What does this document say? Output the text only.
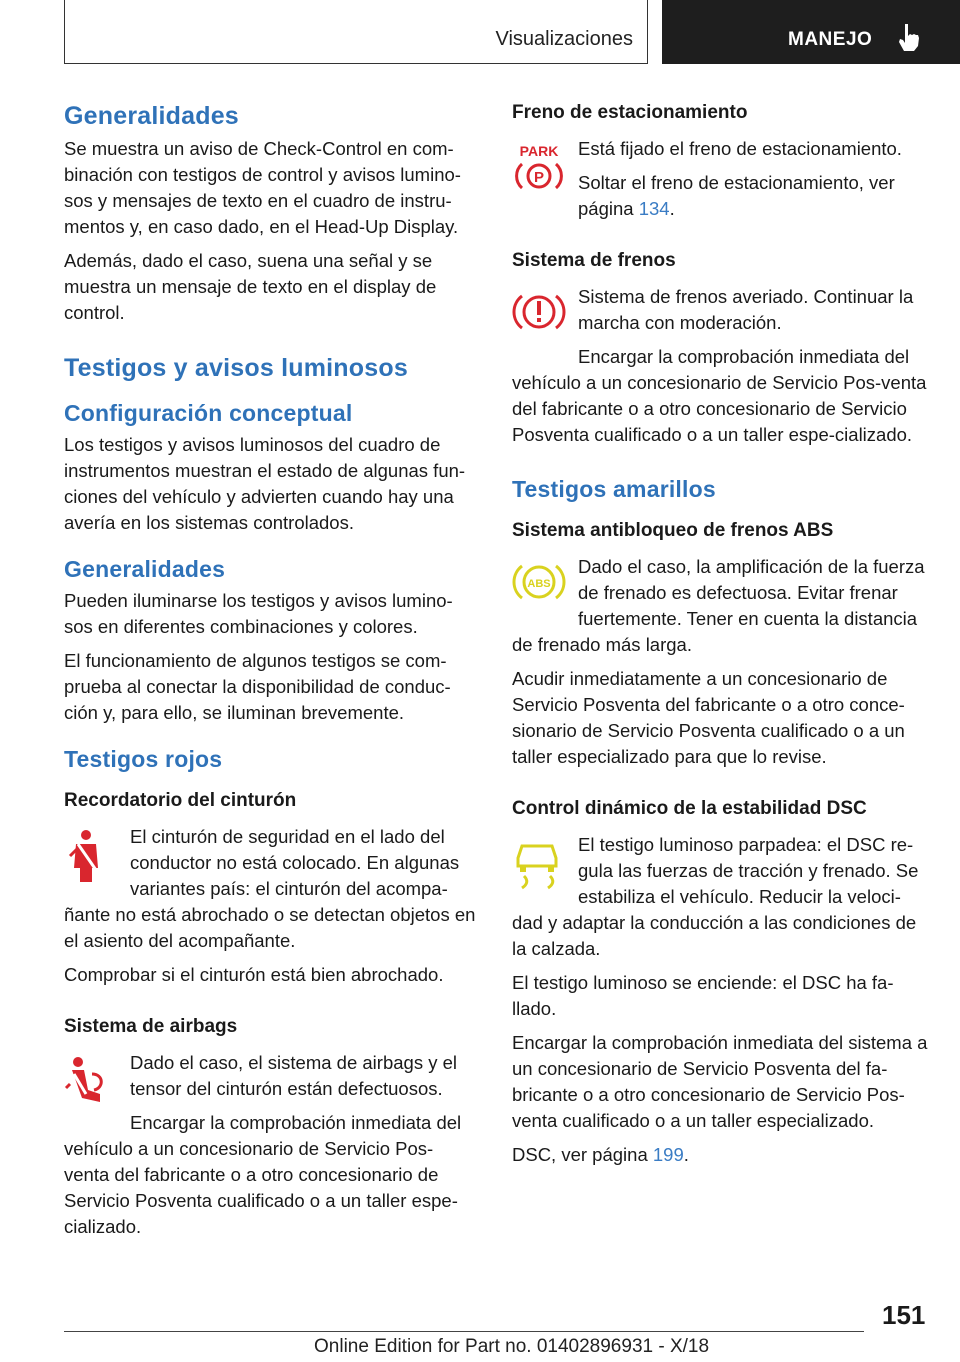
Visualizaciones	MANEJO
Generalidades

Se muestra un aviso de Check-Control en com-binación con testigos de control y avisos lumino-sos y mensajes de texto en el cuadro de instru-mentos y, en caso dado, en el Head-Up Display.

Además, dado el caso, suena una señal y se muestra un mensaje de texto en el display de control.

Testigos y avisos luminosos
Configuración conceptual

Los testigos y avisos luminosos del cuadro de instrumentos muestran el estado de algunas fun-ciones del vehículo y advierten cuando hay una avería en los sistemas controlados.

Generalidades

Pueden iluminarse los testigos y avisos lumino-sos en diferentes combinaciones y colores.

El funcionamiento de algunos testigos se com-prueba al conectar la disponibilidad de conduc-ción y, para ello, se iluminan brevemente.

Testigos rojos
Recordatorio del cinturón

El cinturón de seguridad en el lado del conductor no está colocado. En algunas variantes país: el cinturón del acompa-ñante no está abrochado o se detectan objetos en el asiento del acompañante.

Comprobar si el cinturón está bien abrochado.

Sistema de airbags

Dado el caso, el sistema de airbags y el tensor del cinturón están defectuosos.

Encargar la comprobación inmediata del vehículo a un concesionario de Servicio Pos-venta del fabricante o a otro concesionario de Servicio Posventa cualificado o a un taller espe-cializado.

Freno de estacionamiento
PARK
P

Está fijado el freno de estacionamiento.

Soltar el freno de estacionamiento, ver página 134.

Sistema de frenos

Sistema de frenos averiado. Continuar la marcha con moderación.

Encargar la comprobación inmediata del vehículo a un concesionario de Servicio Pos-venta del fabricante o a otro concesionario de Servicio Posventa cualificado o a un taller espe-cializado.

Testigos amarillos
Sistema antibloqueo de frenos ABS
ABS

Dado el caso, la amplificación de la fuerza de frenado es defectuosa. Evitar frenar fuertemente. Tener en cuenta la distancia de frenado más larga.

Acudir inmediatamente a un concesionario de Servicio Posventa del fabricante o a otro conce-sionario de Servicio Posventa cualificado o a un taller especializado para que lo revise.

Control dinámico de la estabilidad DSC

El testigo luminoso parpadea: el DSC re-gula las fuerzas de tracción y frenado. Se estabiliza el vehículo. Reducir la veloci-dad y adaptar la conducción a las condiciones de la calzada.

El testigo luminoso se enciende: el DSC ha fa-llado.

Encargar la comprobación inmediata del sistema a un concesionario de Servicio Posventa del fa-bricante o a otro concesionario de Servicio Pos-venta cualificado o a un taller especializado.

DSC, ver página 199.

151
Online Edition for Part no. 01402896931 - X/18
